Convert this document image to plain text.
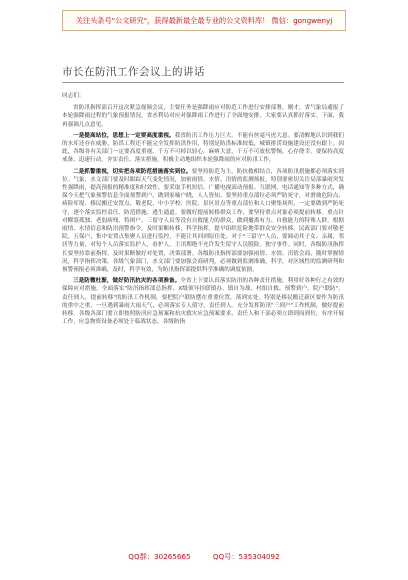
关注头条号"公文研究"，获得最新最全最专业的公文资料库！ 微信：gongwenyj
市长在防汛工作会议上的讲话

同志们：

省防汛指挥部召开这次紧急视频会议，主要任务是强降雨应对防范工作进行安排部署。刚才，省气象局通报了本轮强降雨过程的气象预报情况，省水利局对应对强降雨工作进行了全面地安排，大家要认真抓好落实。下面，我再强调几点意见。

一是提高站位，思想上一定要高度重视。我省防汛工作压力巨大，不能有丝毫马虎大意。要清醒地认识到我们的水库还存在威胁，防洪工程还不能完全发挥防洪作用，特别是防洪标准较低，城镇排涝设施建设还没有跟上。因此，各级各有关部门一定要高度重视，千万不可掉以轻心，麻痹大意，千万不可放松警惕，心存侥幸。要保持高度戒备，迅速行动，夯实责任，落实措施，积极主动地组织本轮强降雨的应对防汛工作。

二是抓警重视，切实把各项防范措施落实到位。要坚持防范为主，防抗救相结合，各项防汛措施都必须落实到位。气象、水文部门要及时跟踪天气变化情况，加密雨情、水情、汛情的监测预报，特别要密切关注局部暴雨突发性强降雨，提高预报的精准度和时效性。要采取手机短信、广播电视滚动预报、互联网、电话通知等多种方式，确保今天把气象预警信息全面预警到户，做到家喻户晓，人人皆知。要坚持重点部位必须严防死守，对滑坡危险点、病险库堤、移民搬迁安置点、敬老院、中小学校、医院、景区景点等重点部位和人口聚集场所，一定要做到严防死守，逐个落实监控责任、防范措施、逃生通道。要做好提前转移群众工作，要坚持重点对象必须提前转移。重点针对鳏寡孤独、老弱病残、特困户、三留守人员等没有自救能力的群众，做到撤离有力、自救能力的特殊人群，根据雨情、水情信息和防汛预警指令，及时果断转移，科学指挥，提早组织危险地带群众安全转移。民政部门要对敬老院、五保户、集中安置点集聚人员进行监控，不能让其回到原住处。对于"三留守"人员，要调动其子女、亲属，邻居等力量，对每个人员落实监护人，看护人，主汛期绝不允许发生留守人员脱险。独守事件。同时，各级防汛指挥长要坚持靠前指挥，及时果断做好对处置，决策部署。各级防汛指挥部要加强雨情、水情、汛情会商，随时掌握情况，科学指挥决策。各级气象部门、水文部门要加强会商研判，必须做到监测准确，科学，对区域性的监测研判和预警预报必须准确，及时，科学有效，为防汛指挥部提供科学准确的调度依据。

三是防微杜渐，做好防汛抗灾的各项准备。全省上下要认真落实防汛的各种责任措施，利用好各种行之有效的保障应对措施。全面落实"防汛指挥部总指挥、X级领导挂联镇办、镇自为战、村组自救、预警到户、院户联防"。责任到人，提前转移"的防汛工作机制，要把院户联防摆在重要位置，落到实处。特别是移民搬迁新区要作为防汛的重中之重，一旦遇到暴雨大雨天气，必须落实专人值守，责任到人。充分发挥防汛"三到户"工作机制，做好提前转移。各级各部门要立即按照防汛应急预案和抗灾救灾应急预案要求，责任人和干部必须立即到岗到位，有序开展工作，应急物资设备必须处于临战状态。各级防指

QQ群：30265665	QQ号：535304092
